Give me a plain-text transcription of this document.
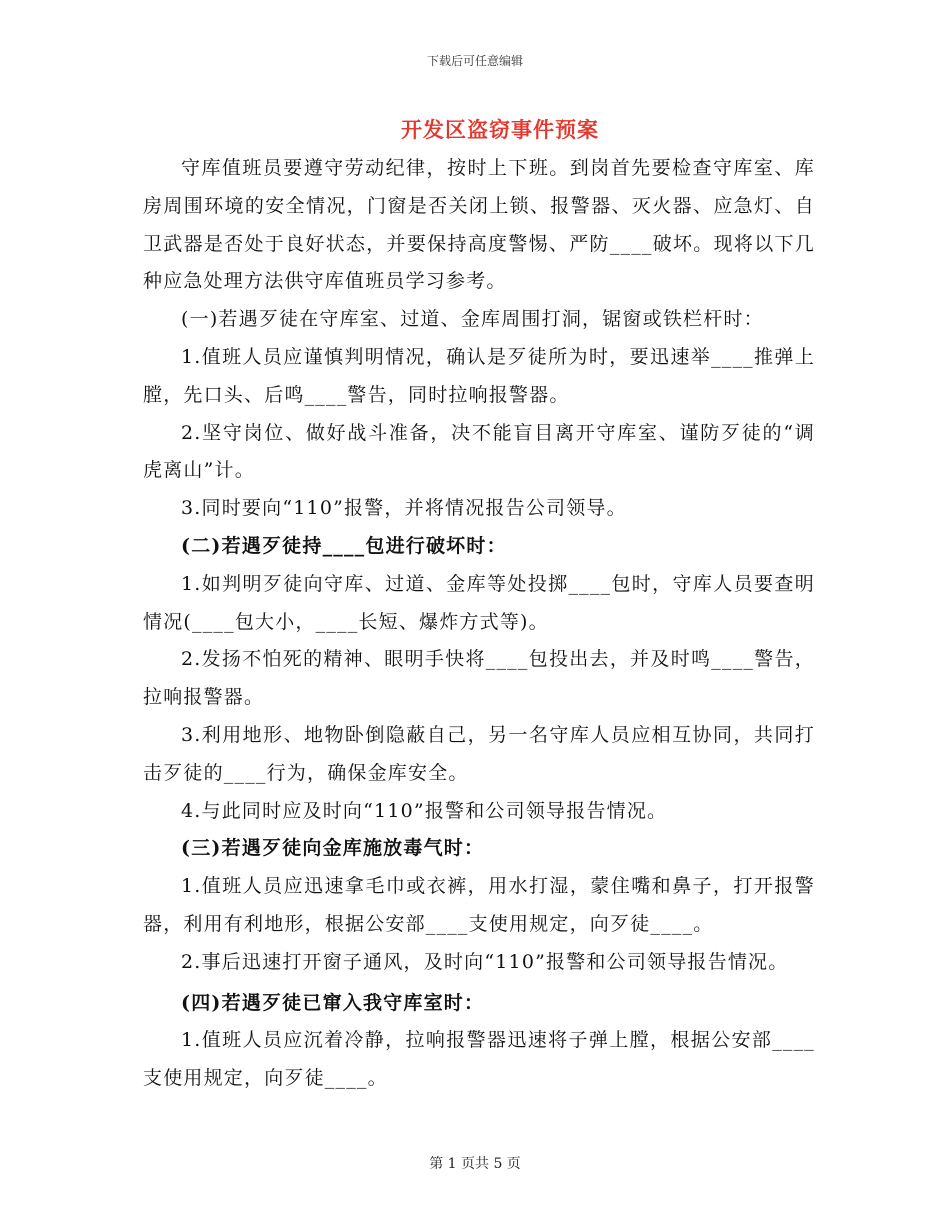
下载后可任意编辑
开发区盗窃事件预案

守库值班员要遵守劳动纪律，按时上下班。到岗首先要检查守库室、库房周围环境的安全情况，门窗是否关闭上锁、报警器、灭火器、应急灯、自卫武器是否处于良好状态，并要保持高度警惕、严防____破坏。现将以下几种应急处理方法供守库值班员学习参考。

(一)若遇歹徒在守库室、过道、金库周围打洞，锯窗或铁栏杆时：

1.值班人员应谨慎判明情况，确认是歹徒所为时，要迅速举____推弹上膛，先口头、后鸣____警告，同时拉响报警器。

2.坚守岗位、做好战斗准备，决不能盲目离开守库室、谨防歹徒的“调虎离山”计。

3.同时要向“110”报警，并将情况报告公司领导。

(二)若遇歹徒持____包进行破坏时：

1.如判明歹徒向守库、过道、金库等处投掷____包时，守库人员要查明情况(____包大小，____长短、爆炸方式等)。

2.发扬不怕死的精神、眼明手快将____包投出去，并及时鸣____警告，拉响报警器。

3.利用地形、地物卧倒隐蔽自己，另一名守库人员应相互协同，共同打击歹徒的____行为，确保金库安全。

4.与此同时应及时向“110”报警和公司领导报告情况。

(三)若遇歹徒向金库施放毒气时：

1.值班人员应迅速拿毛巾或衣裤，用水打湿，蒙住嘴和鼻子，打开报警器，利用有利地形，根据公安部____支使用规定，向歹徒____。

2.事后迅速打开窗子通风，及时向“110”报警和公司领导报告情况。

(四)若遇歹徒已窜入我守库室时：

1.值班人员应沉着冷静，拉响报警器迅速将子弹上膛，根据公安部____支使用规定，向歹徒____。

第 1 页共 5 页
